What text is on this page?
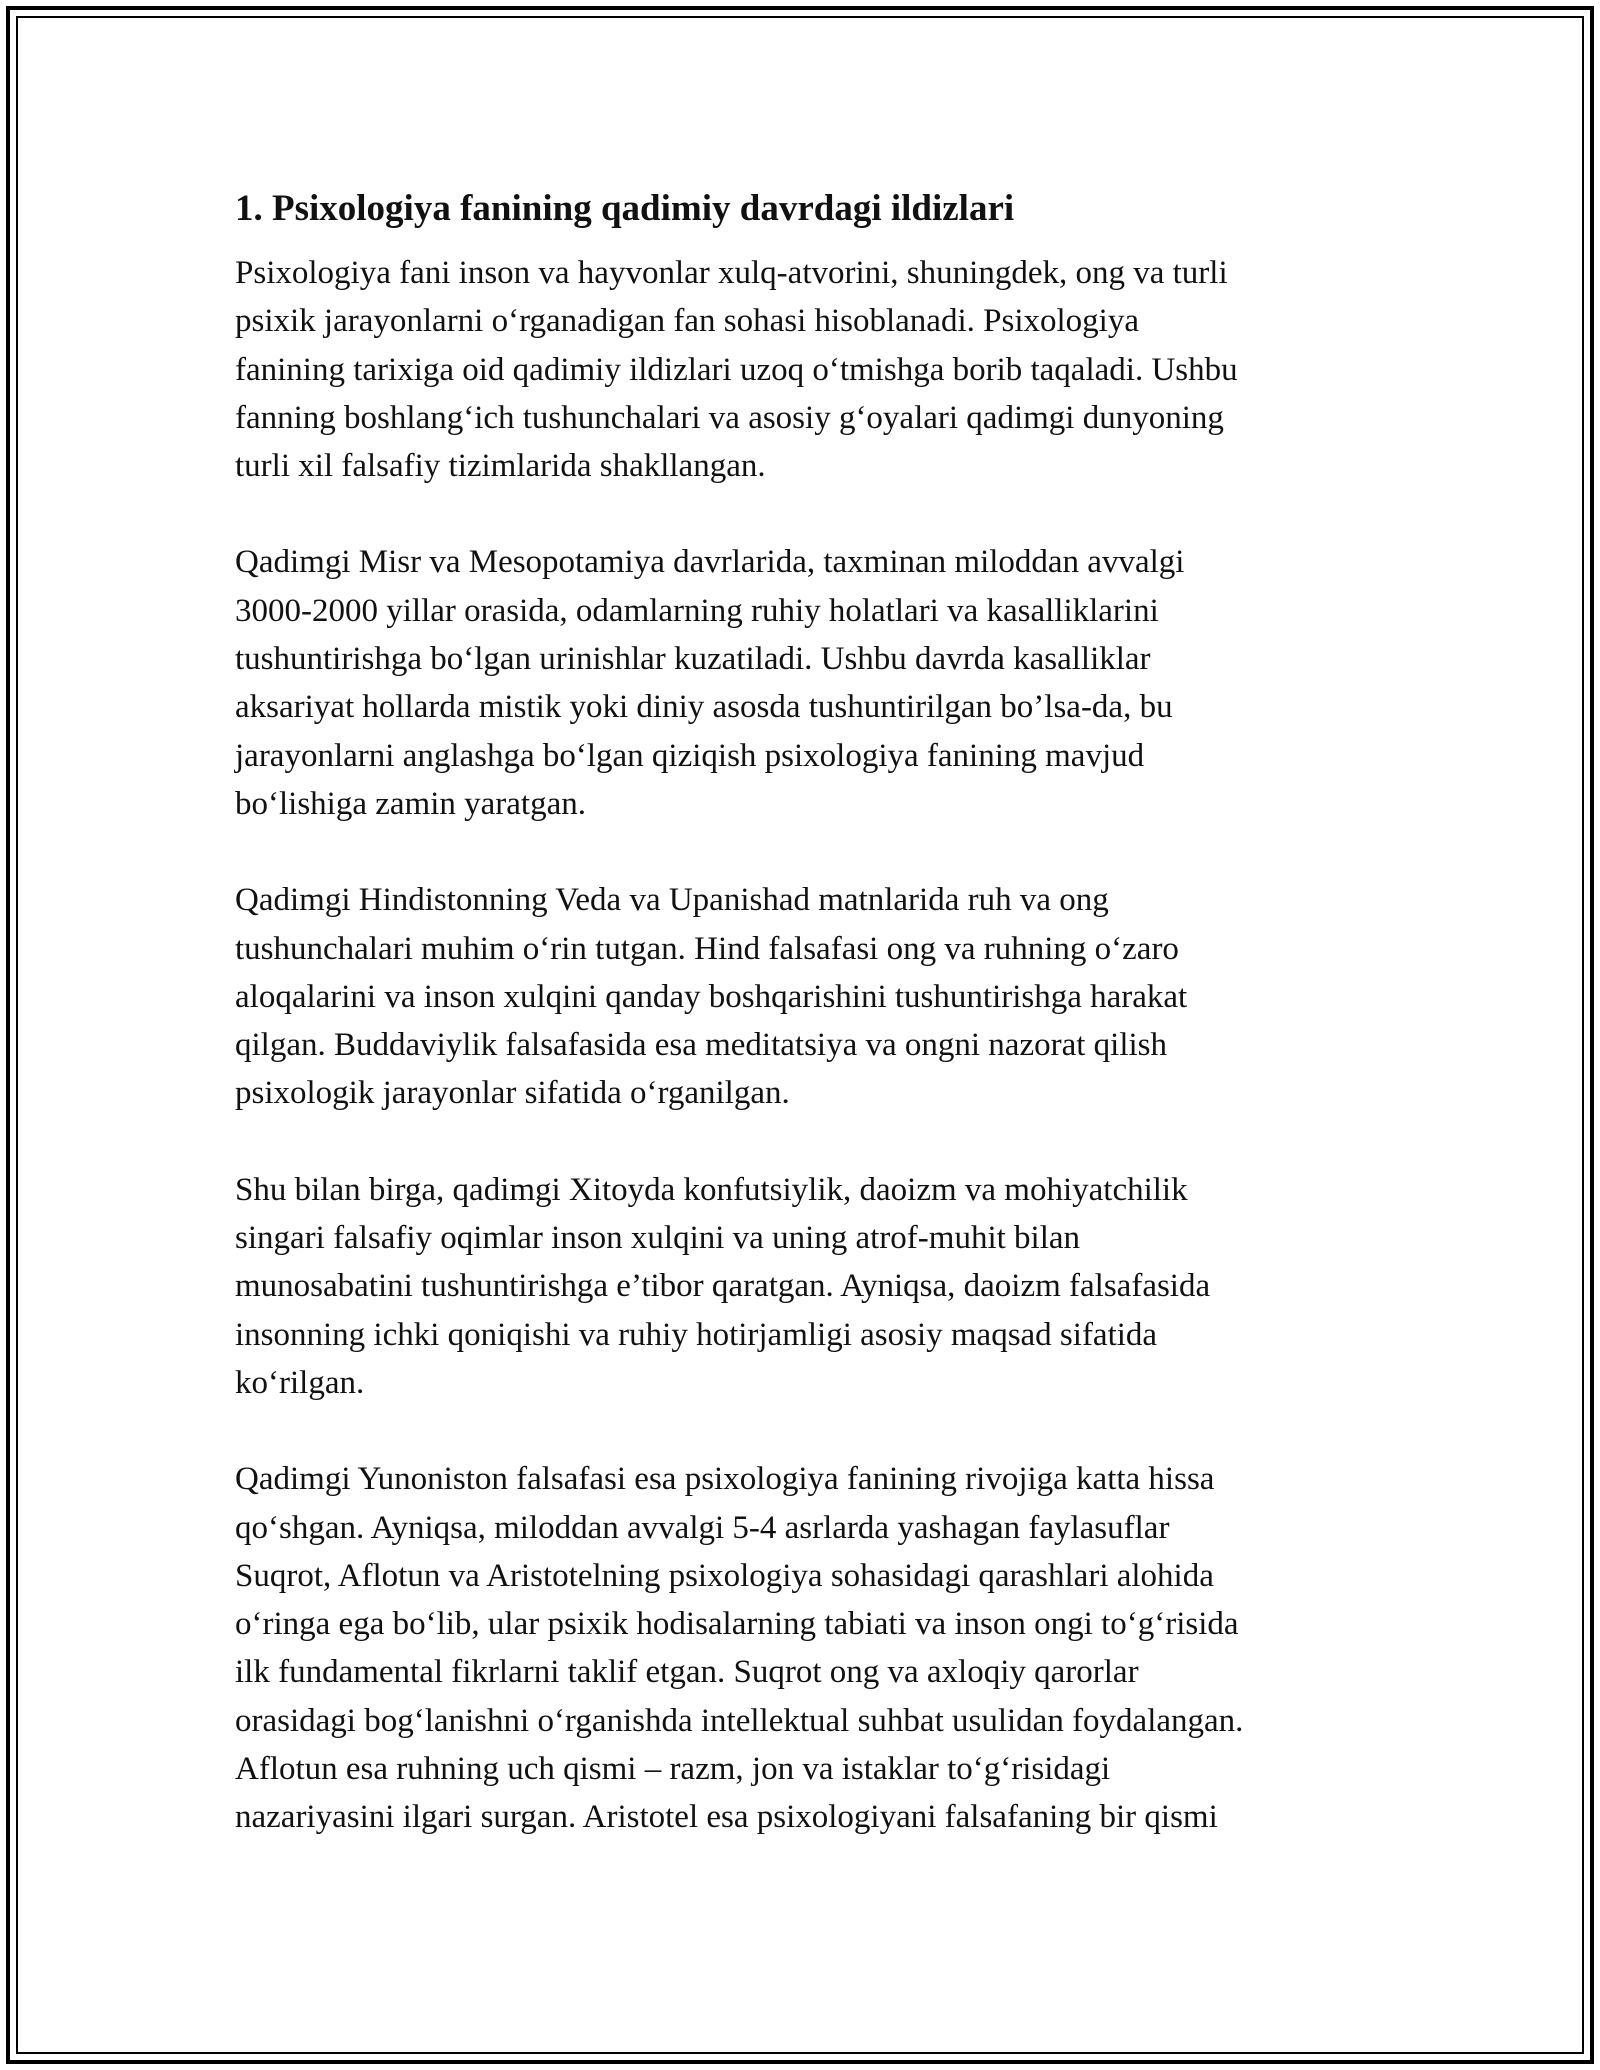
1. Psixologiya fanining qadimiy davrdagi ildizlari

Psixologiya fani inson va hayvonlar xulq-atvorini, shuningdek, ong va turli
psixik jarayonlarni o‘rganadigan fan sohasi hisoblanadi. Psixologiya
fanining tarixiga oid qadimiy ildizlari uzoq o‘tmishga borib taqaladi. Ushbu
fanning boshlang‘ich tushunchalari va asosiy g‘oyalari qadimgi dunyoning
turli xil falsafiy tizimlarida shakllangan.

Qadimgi Misr va Mesopotamiya davrlarida, taxminan miloddan avvalgi
3000-2000 yillar orasida, odamlarning ruhiy holatlari va kasalliklarini
tushuntirishga bo‘lgan urinishlar kuzatiladi. Ushbu davrda kasalliklar
aksariyat hollarda mistik yoki diniy asosda tushuntirilgan bo’lsa-da, bu
jarayonlarni anglashga bo‘lgan qiziqish psixologiya fanining mavjud
bo‘lishiga zamin yaratgan.

Qadimgi Hindistonning Veda va Upanishad matnlarida ruh va ong
tushunchalari muhim o‘rin tutgan. Hind falsafasi ong va ruhning o‘zaro
aloqalarini va inson xulqini qanday boshqarishini tushuntirishga harakat
qilgan. Buddaviylik falsafasida esa meditatsiya va ongni nazorat qilish
psixologik jarayonlar sifatida o‘rganilgan.

Shu bilan birga, qadimgi Xitoyda konfutsiylik, daoizm va mohiyatchilik
singari falsafiy oqimlar inson xulqini va uning atrof-muhit bilan
munosabatini tushuntirishga e’tibor qaratgan. Ayniqsa, daoizm falsafasida
insonning ichki qoniqishi va ruhiy hotirjamligi asosiy maqsad sifatida
ko‘rilgan.

Qadimgi Yunoniston falsafasi esa psixologiya fanining rivojiga katta hissa
qo‘shgan. Ayniqsa, miloddan avvalgi 5-4 asrlarda yashagan faylasuflar
Suqrot, Aflotun va Aristotelning psixologiya sohasidagi qarashlari alohida
o‘ringa ega bo‘lib, ular psixik hodisalarning tabiati va inson ongi to‘g‘risida
ilk fundamental fikrlarni taklif etgan. Suqrot ong va axloqiy qarorlar
orasidagi bog‘lanishni o‘rganishda intellektual suhbat usulidan foydalangan.
Aflotun esa ruhning uch qismi – razm, jon va istaklar to‘g‘risidagi
nazariyasini ilgari surgan. Aristotel esa psixologiyani falsafaning bir qismi
